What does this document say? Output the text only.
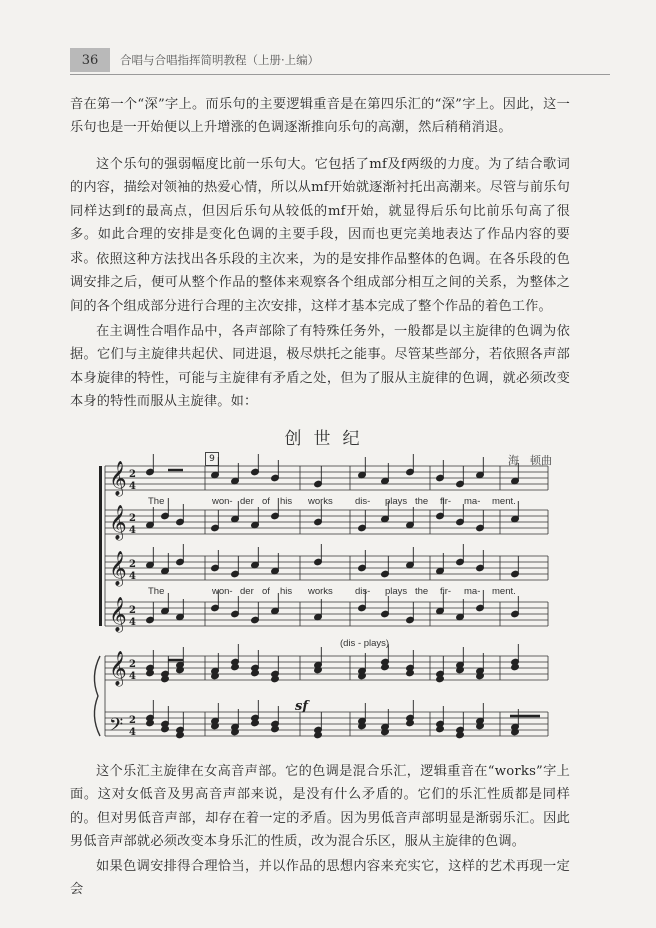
36	合唱与合唱指挥简明教程（上册·上编）

音在第一个“深”字上。而乐句的主要逻辑重音是在第四乐汇的“深”字上。因此，这一乐句也是一开始便以上升增涨的色调逐渐推向乐句的高潮，然后稍稍消退。

这个乐句的强弱幅度比前一乐句大。它包括了mf及f两级的力度。为了结合歌词的内容，描绘对领袖的热爱心情，所以从mf开始就逐渐衬托出高潮来。尽管与前乐句同样达到f的最高点，但因后乐句从较低的mf开始，就显得后乐句比前乐句高了很多。如此合理的安排是变化色调的主要手段，因而也更完美地表达了作品内容的要求。 依照这种方法找出各乐段的主次来，为的是安排作品整体的色调。在各乐段的色调安排之后，便可从整个作品的整体来观察各个组成部分相互之间的关系，为整体之间的各个组成部分进行合理的主次安排，这样才基本完成了整个作品的着色工作。

在主调性合唱作品中，各声部除了有特殊任务外，一般都是以主旋律的色调为依据。它们与主旋律共起伏、同进退，极尽烘托之能事。尽管某些部分，若依照各声部本身旋律的特性，可能与主旋律有矛盾之处，但为了服从主旋律的色调，就必须改变本身的特性而服从主旋律。如：

创世纪
9	海　顿曲
𝄞 2
4
𝄞 2
4
𝄞 2
4
𝄞 2
4
𝄞 2
4
𝄢 2
4
The	won- der of his works dis- plays the fir- ma- ment.
The	won- der of his works dis- plays the fir- ma- ment.
(dis - plays)
sf

这个乐汇主旋律在女高音声部。它的色调是混合乐汇，逻辑重音在“works”字上面。这对女低音及男高音声部来说，是没有什么矛盾的。它们的乐汇性质都是同样的。但对男低音声部，却存在着一定的矛盾。因为男低音声部明显是渐弱乐汇。因此男低音声部就必须改变本身乐汇的性质，改为混合乐区，服从主旋律的色调。

如果色调安排得合理恰当，并以作品的思想内容来充实它，这样的艺术再现一定会
